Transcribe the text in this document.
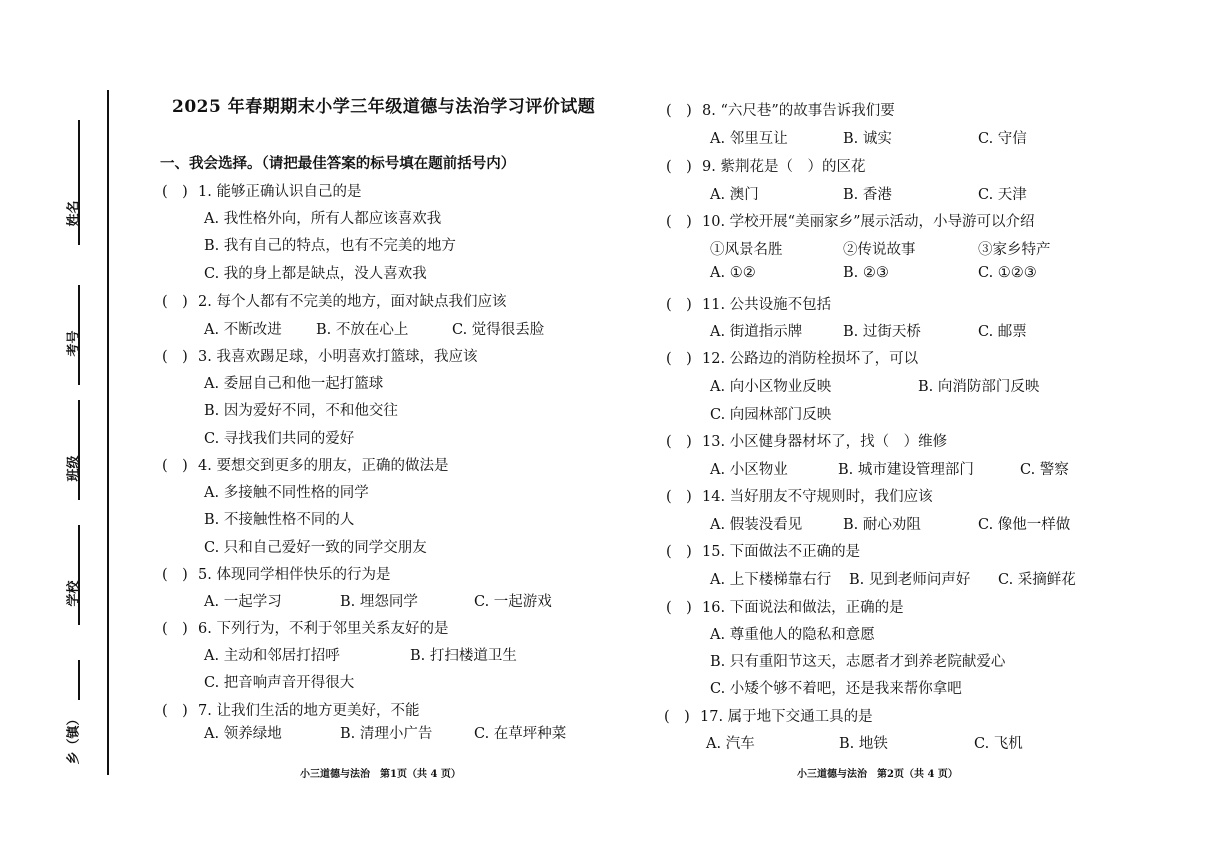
姓名
考号
班级
学校
乡（镇）
2025 年春期期末小学三年级道德与法治学习评价试题
一、我会选择。（请把最佳答案的标号填在题前括号内）
(　) 1. 能够正确认识自己的是
A. 我性格外向，所有人都应该喜欢我
B. 我有自己的特点，也有不完美的地方
C. 我的身上都是缺点，没人喜欢我
(　) 2. 每个人都有不完美的地方，面对缺点我们应该
A. 不断改进 B. 不放在心上	C. 觉得很丢脸
(　) 3. 我喜欢踢足球，小明喜欢打篮球，我应该
A. 委屈自己和他一起打篮球
B. 因为爱好不同，不和他交往
C. 寻找我们共同的爱好
(　) 4. 要想交到更多的朋友，正确的做法是
A. 多接触不同性格的同学
B. 不接触性格不同的人
C. 只和自己爱好一致的同学交朋友
(　) 5. 体现同学相伴快乐的行为是
A. 一起学习	B. 埋怨同学	C. 一起游戏
(　) 6. 下列行为，不利于邻里关系友好的是
A. 主动和邻居打招呼	B. 打扫楼道卫生
C. 把音响声音开得很大
(　) 7. 让我们生活的地方更美好，不能
A. 领养绿地	B. 清理小广告	C. 在草坪种菜
(　) 8. “六尺巷”的故事告诉我们要
A. 邻里互让	B. 诚实	C. 守信
(　) 9. 紫荆花是（　）的区花
A. 澳门	B. 香港	C. 天津
(　) 10. 学校开展“美丽家乡”展示活动，小导游可以介绍
①风景名胜	②传说故事	③家乡特产
A. ①②	B. ②③	C. ①②③
(　) 11. 公共设施不包括
A. 街道指示牌	B. 过街天桥	C. 邮票
(　) 12. 公路边的消防栓损坏了，可以
A. 向小区物业反映	B. 向消防部门反映
C. 向园林部门反映
(　) 13. 小区健身器材坏了，找（　）维修
A. 小区物业	B. 城市建设管理部门	C. 警察
(　) 14. 当好朋友不守规则时，我们应该
A. 假装没看见	B. 耐心劝阻	C. 像他一样做
(　) 15. 下面做法不正确的是
A. 上下楼梯靠右行 B. 见到老师问声好 C. 采摘鲜花
(　) 16. 下面说法和做法，正确的是
A. 尊重他人的隐私和意愿
B. 只有重阳节这天，志愿者才到养老院献爱心
C. 小矮个够不着吧，还是我来帮你拿吧
(　) 17. 属于地下交通工具的是
A. 汽车	B. 地铁	C. 飞机
小三道德与法治　第1页（共 4 页）	小三道德与法治　第2页（共 4 页）
